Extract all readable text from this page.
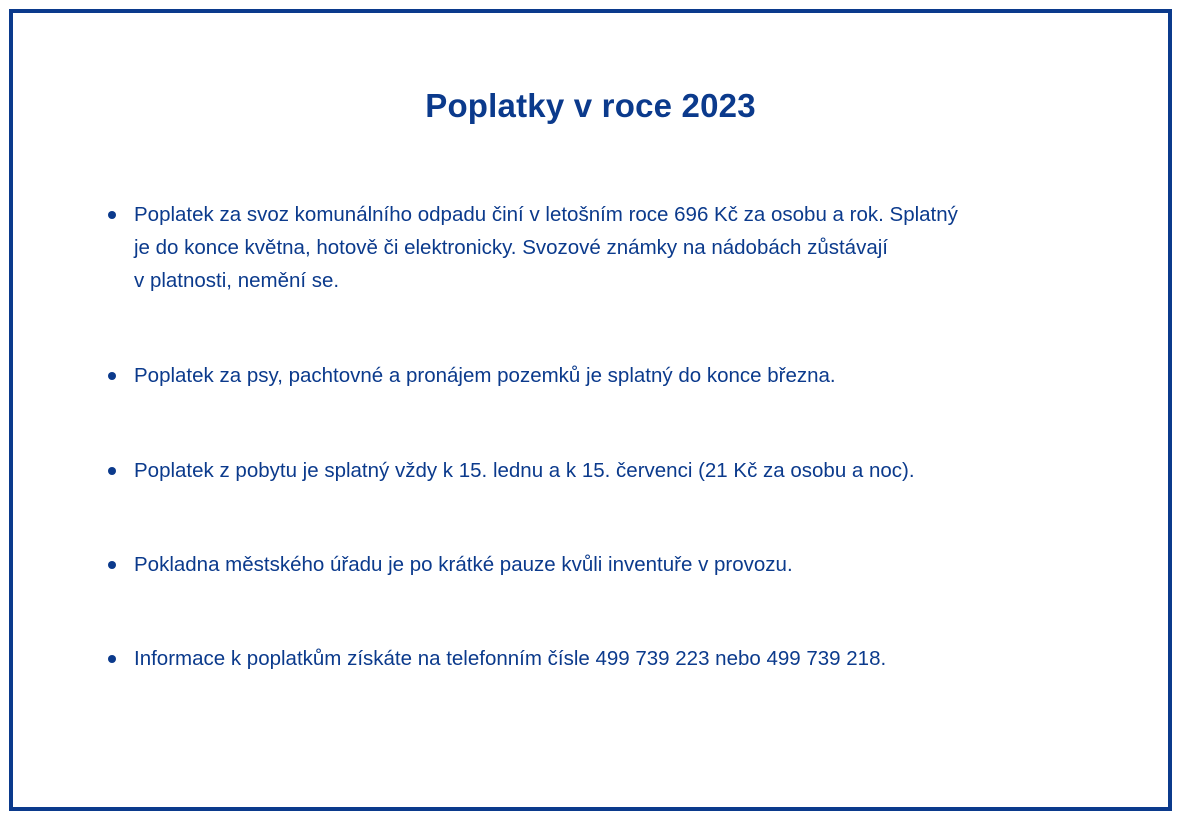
Poplatky v roce 2023
Poplatek za svoz komunálního odpadu činí v letošním roce 696 Kč za osobu a rok. Splatný
je do konce května, hotově či elektronicky. Svozové známky na nádobách zůstávají
v platnosti, nemění se.
Poplatek za psy, pachtovné a pronájem pozemků je splatný do konce března.
Poplatek z pobytu je splatný vždy k 15. lednu a k 15. červenci (21 Kč za osobu a noc).
Pokladna městského úřadu je po krátké pauze kvůli inventuře v provozu.
Informace k poplatkům získáte na telefonním čísle 499 739 223 nebo 499 739 218.
